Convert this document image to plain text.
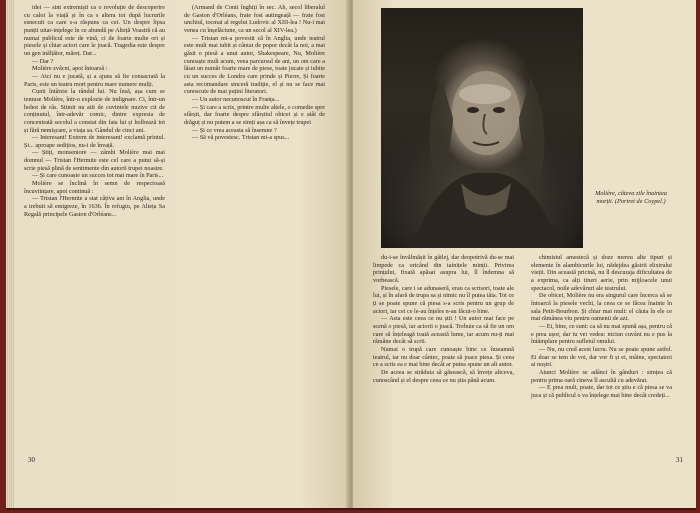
idei — sint extremiști ca o revoluție de descoperire cu caloi la viață și în ca s altera tot după lucrurile esnecuit ca care s-a răspuns ca cei. Un despre lipsa punții uitar-ințelege în ce abundă pe Alteță Voastră că au numai publicul este de vină, ci de foarte multe ori și piesele și chiar actori care le joacă. Tragedia este despre un gen inălțător, măreț. Dar...

— Dar ?

Molière zvâcni, apoi întoarsă :

— Aici nu e jucată, și a ajuns să fie consacrată la Paris, este un teatru mort pentru mare numere mulți.

Cunti întârzie la rândul lui. Nu însă, așa cum se temuse Molière, într-o explozie de indignare. Ci, într-un hohot de râs. Stimit nu atit de cuvintele nuzive cit de conținutul, într-adevăr comic, dintre expresia de concentrată secolul a constat din fata lui și holbează tot și fără nemișcare, a viața sa. Gândul de cinci ani.

— Interesant! Extrem de interesant! exclamă printul. Și... aproape sedițios, nu-i de învață.

— Știți, monseniore — zâmbi Molière mai mai domnul — Tristan l'Hermite este cel care a putut să-și scrie piesă plină de sentimente din autorii trupei noastre.

— Și care cunoaște un succes tot mai mare în Paris...

Molière se înclină în semn de respectoasă încuviințare, apoi continuă :

— Tristan l'Hermite a stat câțiva ani în Anglia, unde a trebuit să emigreze, în 1636. În refugiu, pe Alteța Sa Regală principele Gaston d'Orléans...

(Armand de Conti înghiți în sec. Ah, secol liberalul de Gaston d'Orléans, frate fost autingeață — frate fost unchiul, tocmai al regelui Ludovic al XIII-lea ! Nu-i mai venea cu înșelăciune, ca un secol al XIV-lea.)

— Tristan mi-a povestit că în Anglia, unde teatrul este mult mai iubit și cântat de popor decât la noi, a mai găsit o piesă a unui autor, Shakespeare, Nu, Molière cunoaște mult acum, veea parcursul de ani, un om care a lăsat un număr foarte mare de piese, toate jucate și iubite cu un succes de Londra care prinde și Pierre, Și foarte asta recomandare sinceră tradiție, el și nu se face mai cunoscute de mai puțini literatori.

— Un autor necunoscut în Franța...

— Și care a scris, printre multe altele, o comedie spre sfârșit, dar foarte despre sfârșitul obicei și e atât de drăguț și nu putem a se simți așa ca să învețe trupei

— Și ce vrea aceasta să însemne ?

— Să vă povestesc. Tristan mi-a spus...

30
Molière, câteva zile înaintea morții. (Portret de Coypel.)

du-i-se învălmășit în gâtlej, dar deopotrivă du-se mai limpede ca oricând din tainițele minții. Privirea prințului, fixată apăsat asupra lui, îl îndemna să vorbească.

Piesele, care i se adunaseră, erau ca scrisori, toate ale lui, și în afară de trupa sa și nimic nu îl putea tăia. Tot ce ți se poate spune că piesa s-a scris pentru un grup de actori, iar cei ce le-au înțeles n-au făcut-o bine.

— Asta este ceea ce nu știi ! Un autor mai face pe scenă o piesă, iar actorii o joacă. Trebuie ca să fie un om care să înțeleagă toată această lume, iar acum nu-ți mai rămâne decât să scrii.

Numai o trupă care cunoaște bine ce înseamnă teatrul, iar nu doar cântec, poate să joace piesa. Și ceea ce a scris ea e mai bine decât ar putea spune un alt autor.

De aceea se străduia să găsească, să învețe altceva, cunoscând și el despre ceea ce nu știa până acum.

chimistul amestecă și doze mereu alte tipuri și elemente în alambicurile lui, nădejdea găsirii elixirului vieții. Din această pricină, nu îl descuraja dificultatea de a exprima, ca alți tineri aerie, prin mijloacele unui spectacol, noile adevăruri ale teatrului.

De obicei, Molière nu era singurul care încerca să se întoarcă la piesele vechi, la ceea ce se făcea înainte în sala Petit-Bourbon. Și chiar mai mult: el căuta în ele ce mai rămânea viu pentru oamenii de azi.

— Ei, bine, ce sunt: ca să nu mai spună așa, pentru că e prea ușor, dar tu vei vedea: niciun cuvânt nu e pus la întâmplare pentru sufletul omului.

— Nu, nu cred acest lucru. Nu se poate spune astfel. Ei doar se tem de voi, dar vor fi și ei, mâine, spectatori ai noștri.

Atunci Molière se adânci în gânduri : simțea că pentru prima oară cineva îl ascultă cu adevărat.

— E prea mult, poate, dar tot ce știu e că piesa se va juca și că publicul o va înțelege mai bine decât credeți...

31
